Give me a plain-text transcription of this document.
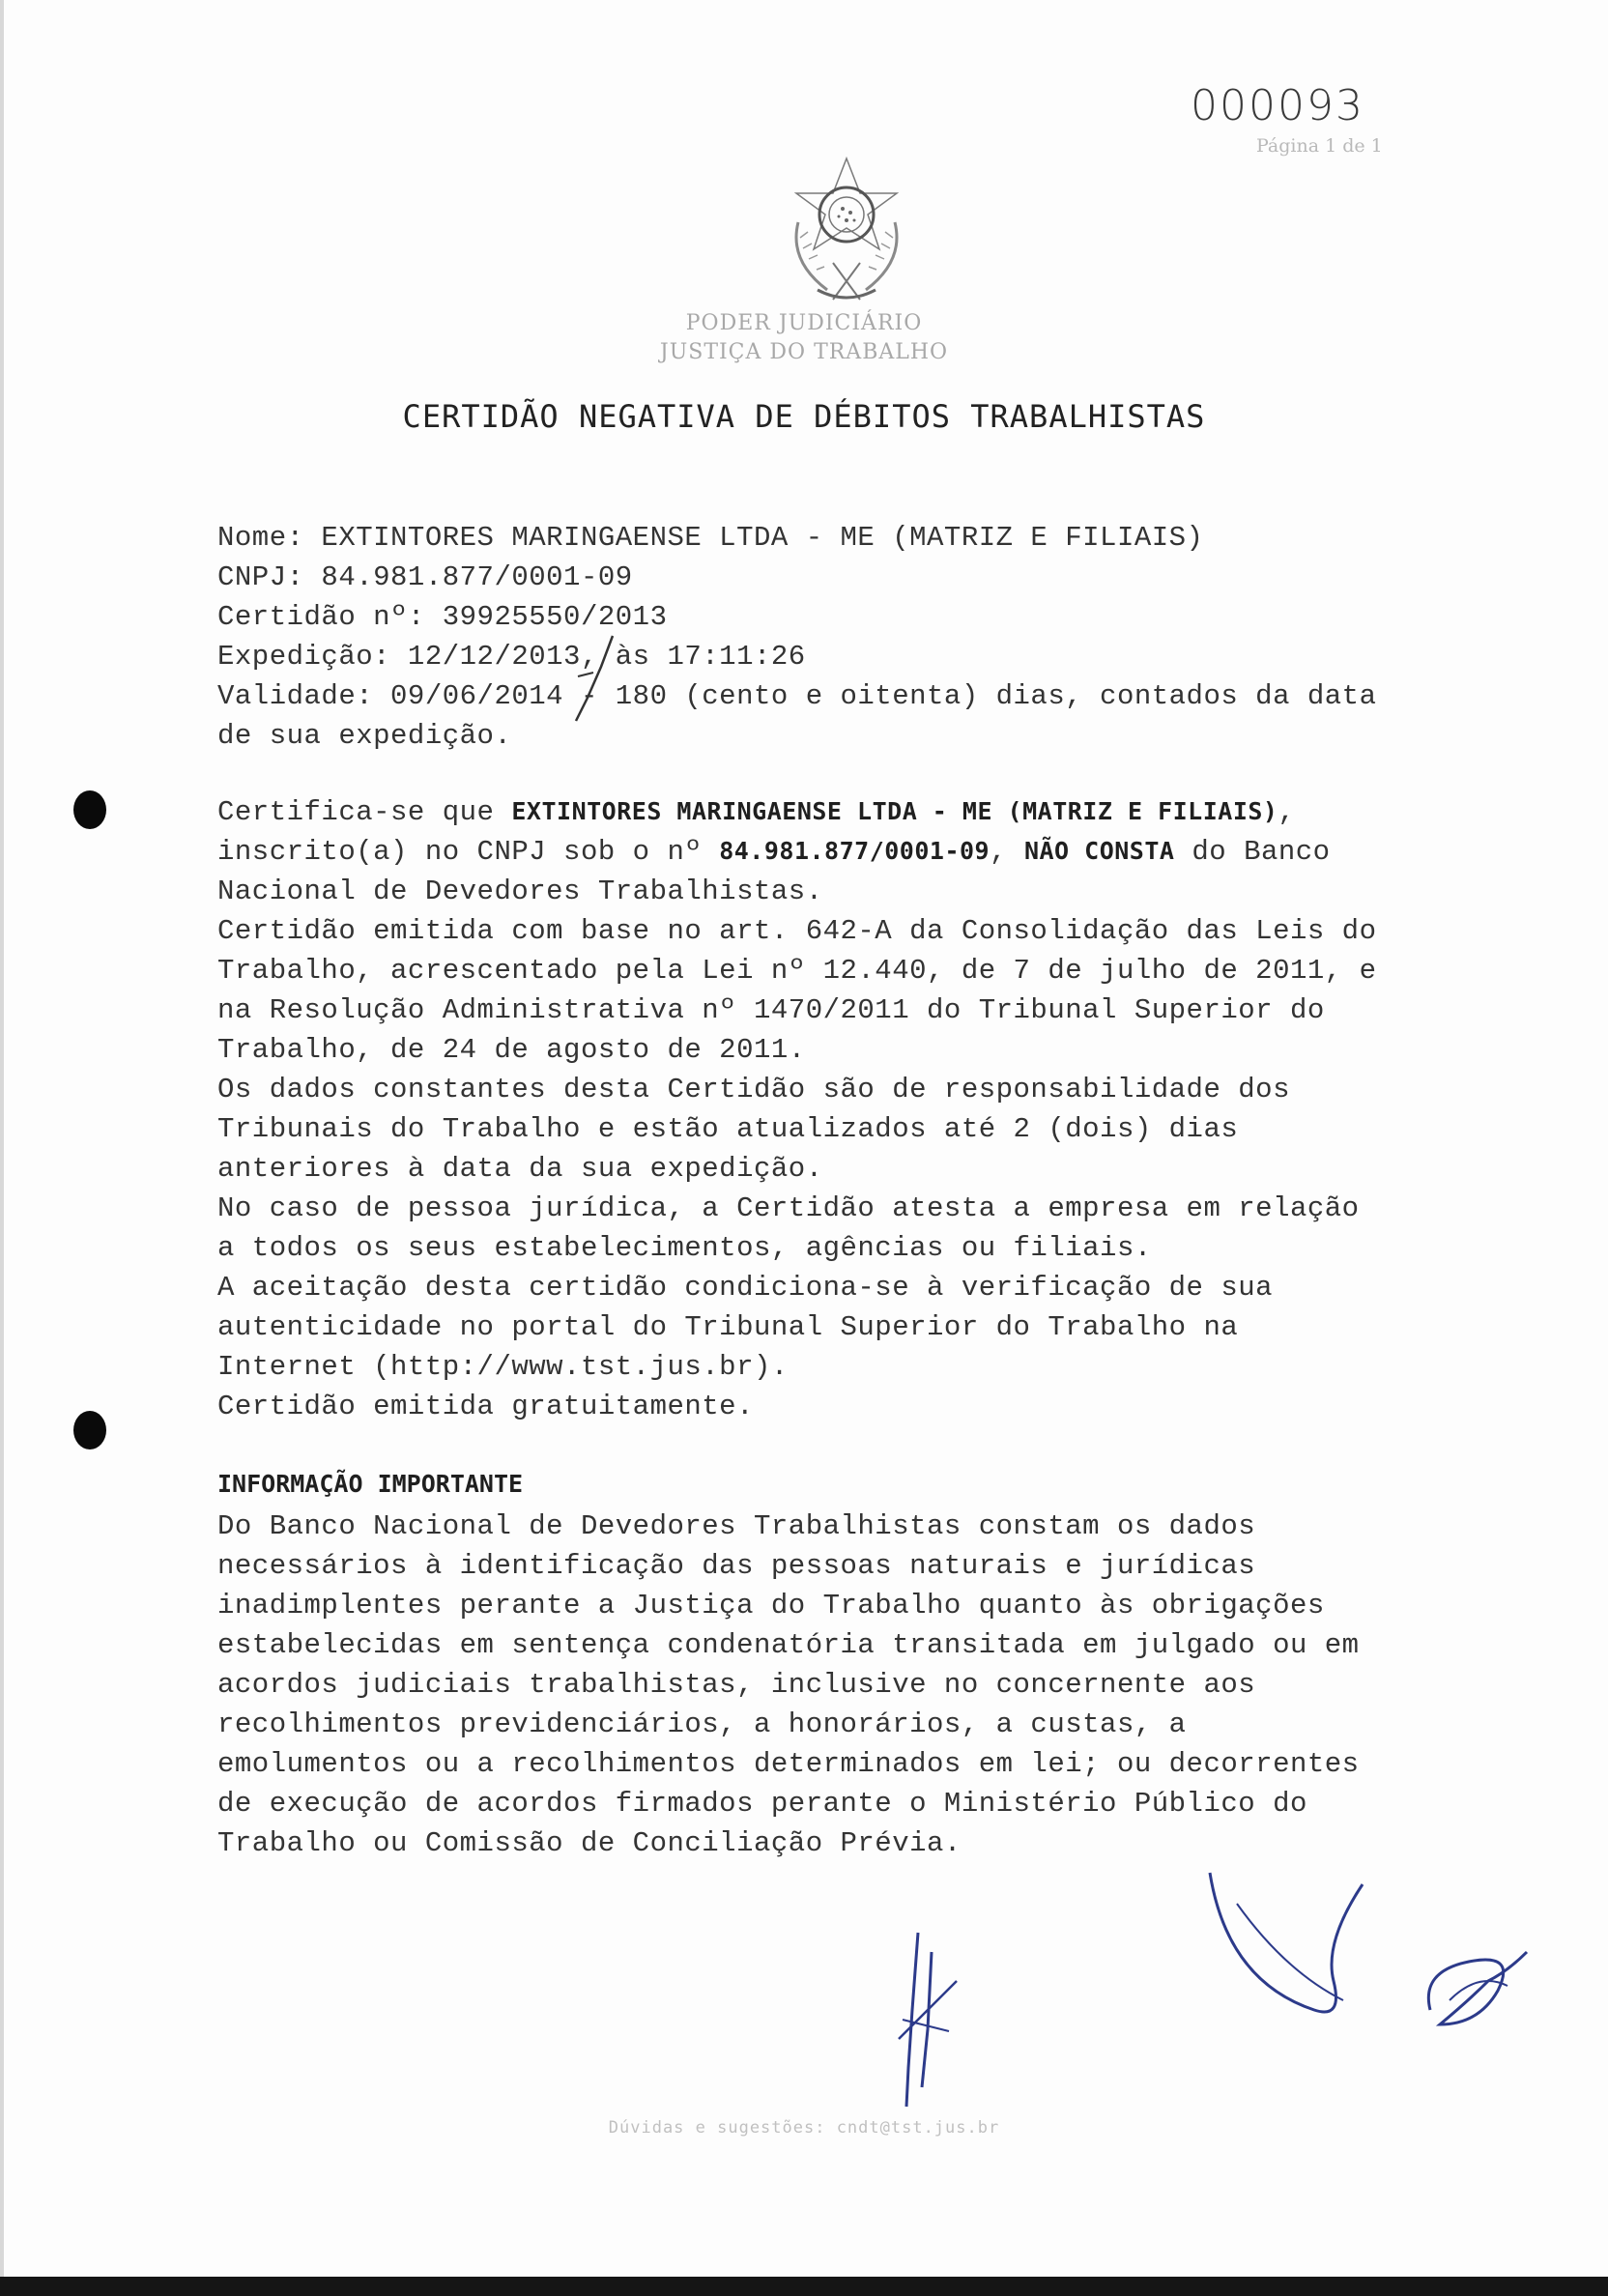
000093
Página 1 de 1
PODER JUDICIÁRIO
JUSTIÇA DO TRABALHO
CERTIDÃO NEGATIVA DE DÉBITOS TRABALHISTAS
Nome: EXTINTORES MARINGAENSE LTDA - ME (MATRIZ E FILIAIS)
CNPJ: 84.981.877/0001-09
Certidão nº: 39925550/2013
Expedição: 12/12/2013, às 17:11:26
Validade: 09/06/2014 - 180 (cento e oitenta) dias, contados da data
de sua expedição.
Certifica-se que EXTINTORES MARINGAENSE LTDA - ME (MATRIZ E FILIAIS),
inscrito(a) no CNPJ sob o nº 84.981.877/0001-09, NÃO CONSTA do Banco
Nacional de Devedores Trabalhistas.
Certidão emitida com base no art. 642-A da Consolidação das Leis do
Trabalho, acrescentado pela Lei nº 12.440, de 7 de julho de 2011, e
na Resolução Administrativa nº 1470/2011 do Tribunal Superior do
Trabalho, de 24 de agosto de 2011.
Os dados constantes desta Certidão são de responsabilidade dos
Tribunais do Trabalho e estão atualizados até 2 (dois) dias
anteriores à data da sua expedição.
No caso de pessoa jurídica, a Certidão atesta a empresa em relação
a todos os seus estabelecimentos, agências ou filiais.
A aceitação desta certidão condiciona-se à verificação de sua
autenticidade no portal do Tribunal Superior do Trabalho na
Internet (http://www.tst.jus.br).
Certidão emitida gratuitamente.
INFORMAÇÃO IMPORTANTE
Do Banco Nacional de Devedores Trabalhistas constam os dados
necessários à identificação das pessoas naturais e jurídicas
inadimplentes perante a Justiça do Trabalho quanto às obrigações
estabelecidas em sentença condenatória transitada em julgado ou em
acordos judiciais trabalhistas, inclusive no concernente aos
recolhimentos previdenciários, a honorários, a custas, a
emolumentos ou a recolhimentos determinados em lei; ou decorrentes
de execução de acordos firmados perante o Ministério Público do
Trabalho ou Comissão de Conciliação Prévia.
Dúvidas e sugestões: cndt@tst.jus.br
